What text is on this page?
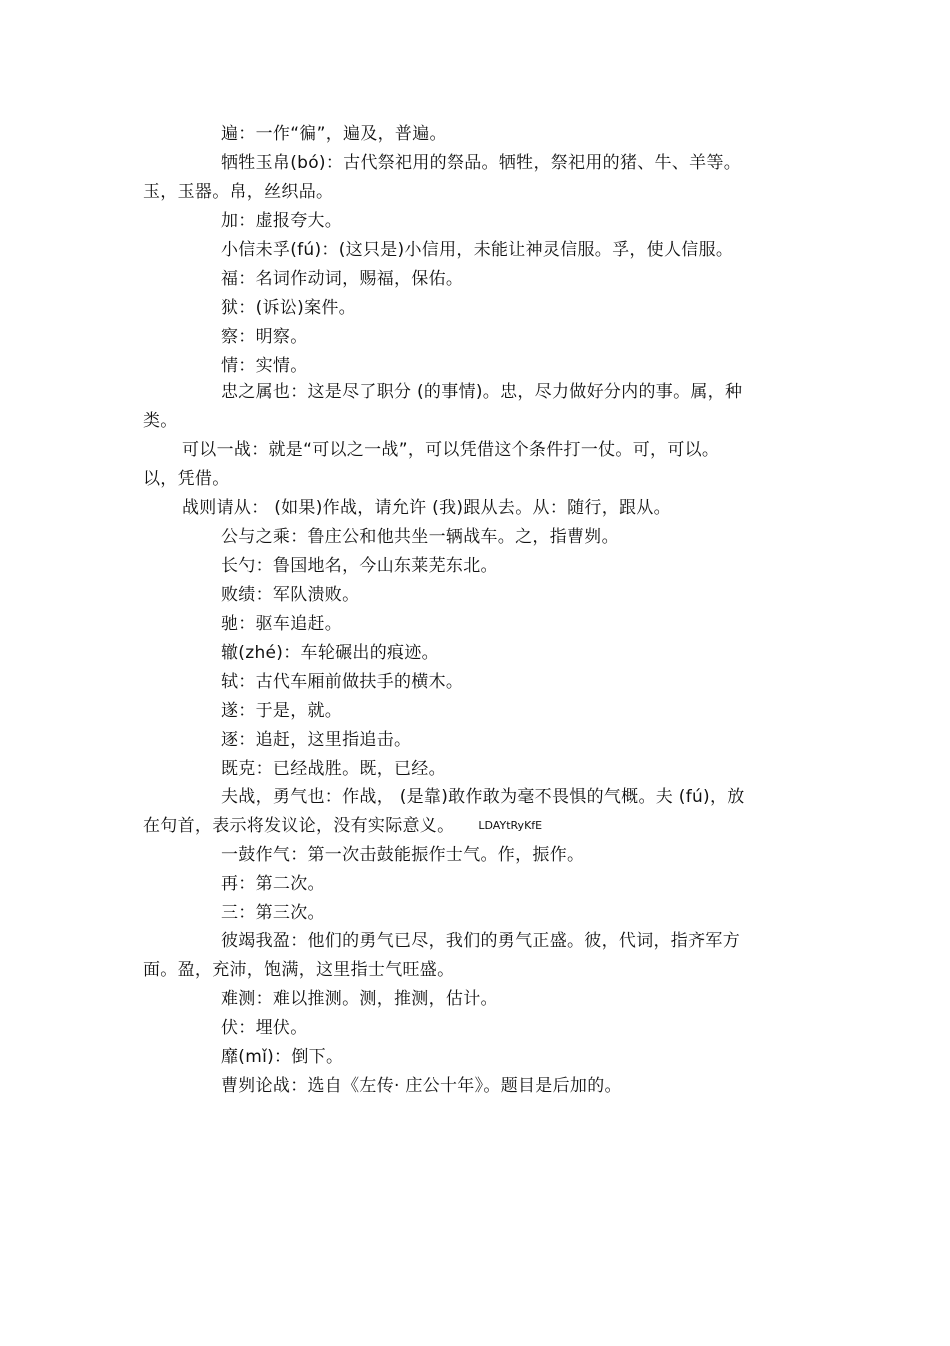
遍：一作“徧”，遍及，普遍。
牺牲玉帛(bó)：古代祭祀用的祭品。牺牲，祭祀用的猪、牛、羊等。
玉，玉器。帛，丝织品。
加：虚报夸大。
小信未孚(fú)：(这只是)小信用，未能让神灵信服。孚，使人信服。
福：名词作动词，赐福，保佑。
狱：(诉讼)案件。
察：明察。
情：实情。
忠之属也：这是尽了职分 (的事情)。忠，尽力做好分内的事。属，种
类。
可以一战：就是“可以之一战”，可以凭借这个条件打一仗。可，可以。
以，凭借。
战则请从： (如果)作战，请允许 (我)跟从去。从：随行，跟从。
公与之乘：鲁庄公和他共坐一辆战车。之，指曹刿。
长勺：鲁国地名，今山东莱芜东北。
败绩：军队溃败。
驰：驱车追赶。
辙(zhé)：车轮碾出的痕迹。
轼：古代车厢前做扶手的横木。
遂：于是，就。
逐：追赶，这里指追击。
既克：已经战胜。既，已经。
夫战，勇气也：作战， (是靠)敢作敢为毫不畏惧的气概。夫 (fú)，放
在句首，表示将发议论，没有实际意义。 LDAYtRyKfE
一鼓作气：第一次击鼓能振作士气。作，振作。
再：第二次。
三：第三次。
彼竭我盈：他们的勇气已尽，我们的勇气正盛。彼，代词，指齐军方
面。盈，充沛，饱满，这里指士气旺盛。
难测：难以推测。测，推测，估计。
伏：埋伏。
靡(mǐ)：倒下。
曹刿论战：选自《左传· 庄公十年》。题目是后加的。
